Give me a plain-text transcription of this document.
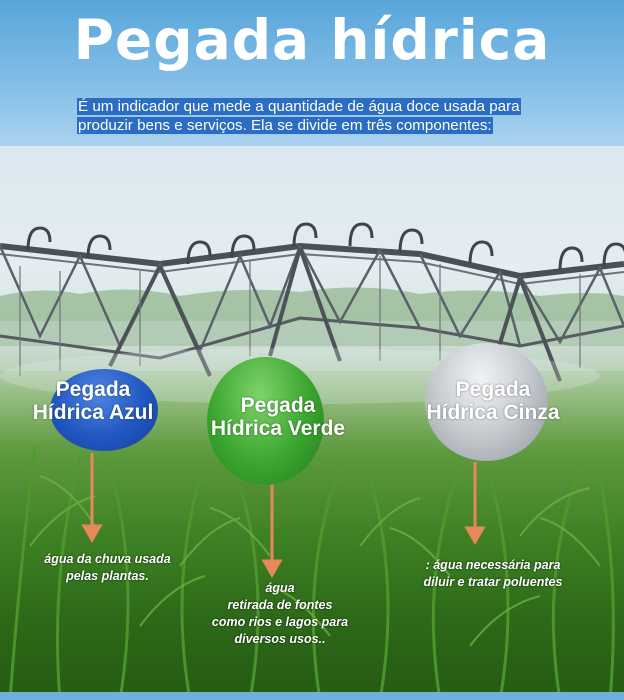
Pegada hídrica
É um indicador que mede a quantidade de água doce usada para
produzir bens e serviços. Ela se divide em três componentes:
Pegada
Hídrica Azul	Pegada
Hídrica Verde
Pegada
Hídrica Cinza
água da chuva usada
pelas plantas.
água
retirada de fontes
como rios e lagos para
diversos usos..
: água necessária para
diluir e tratar poluentes
